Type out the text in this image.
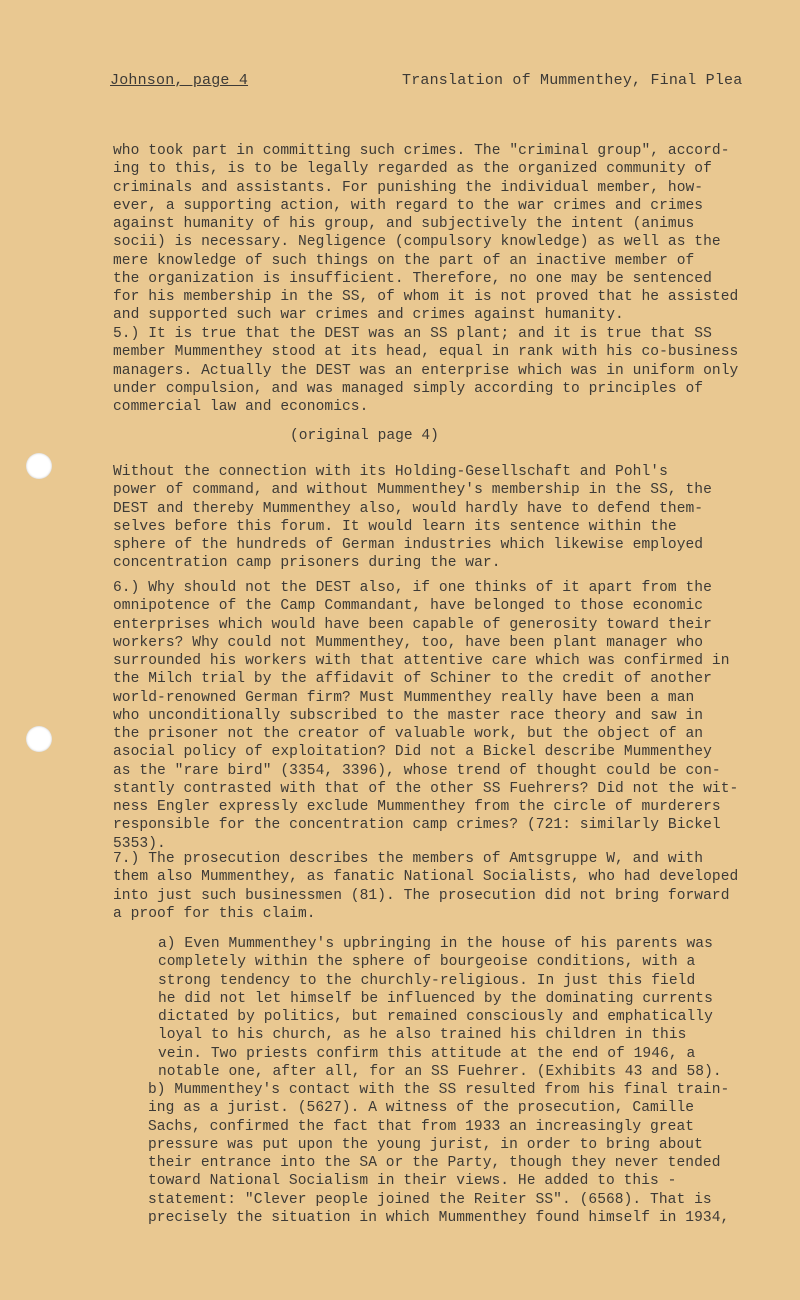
Johnson, page 4	Translation of Mummenthey, Final Plea
(original page 4)
who took part in committing such crimes. The "criminal group", accord-
ing to this, is to be legally regarded as the organized community of
criminals and assistants. For punishing the individual member, how-
ever, a supporting action, with regard to the war crimes and crimes
against humanity of his group, and subjectively the intent (animus
socii) is necessary. Negligence (compulsory knowledge) as well as the
mere knowledge of such things on the part of an inactive member of
the organization is insufficient. Therefore, no one may be sentenced
for his membership in the SS, of whom it is not proved that he assisted
and supported such war crimes and crimes against humanity.
5.) It is true that the DEST was an SS plant; and it is true that SS
member Mummenthey stood at its head, equal in rank with his co-business
managers. Actually the DEST was an enterprise which was in uniform only
under compulsion, and was managed simply according to principles of
commercial law and economics.
Without the connection with its Holding-Gesellschaft and Pohl's
power of command, and without Mummenthey's membership in the SS, the
DEST and thereby Mummenthey also, would hardly have to defend them-
selves before this forum. It would learn its sentence within the
sphere of the hundreds of German industries which likewise employed
concentration camp prisoners during the war.
6.) Why should not the DEST also, if one thinks of it apart from the
omnipotence of the Camp Commandant, have belonged to those economic
enterprises which would have been capable of generosity toward their
workers? Why could not Mummenthey, too, have been plant manager who
surrounded his workers with that attentive care which was confirmed in
the Milch trial by the affidavit of Schiner to the credit of another
world-renowned German firm? Must Mummenthey really have been a man
who unconditionally subscribed to the master race theory and saw in
the prisoner not the creator of valuable work, but the object of an
asocial policy of exploitation? Did not a Bickel describe Mummenthey
as the "rare bird" (3354, 3396), whose trend of thought could be con-
stantly contrasted with that of the other SS Fuehrers? Did not the wit-
ness Engler expressly exclude Mummenthey from the circle of murderers
responsible for the concentration camp crimes? (721: similarly Bickel
5353).
7.) The prosecution describes the members of Amtsgruppe W, and with
them also Mummenthey, as fanatic National Socialists, who had developed
into just such businessmen (81). The prosecution did not bring forward
a proof for this claim.
a) Even Mummenthey's upbringing in the house of his parents was
completely within the sphere of bourgeoise conditions, with a
strong tendency to the churchly-religious. In just this field
he did not let himself be influenced by the dominating currents
dictated by politics, but remained consciously and emphatically
loyal to his church, as he also trained his children in this
vein. Two priests confirm this attitude at the end of 1946, a
notable one, after all, for an SS Fuehrer. (Exhibits 43 and 58).
b) Mummenthey's contact with the SS resulted from his final train-
ing as a jurist. (5627). A witness of the prosecution, Camille
Sachs, confirmed the fact that from 1933 an increasingly great
pressure was put upon the young jurist, in order to bring about
their entrance into the SA or the Party, though they never tended
toward National Socialism in their views. He added to this -
statement: "Clever people joined the Reiter SS". (6568). That is
precisely the situation in which Mummenthey found himself in 1934,
